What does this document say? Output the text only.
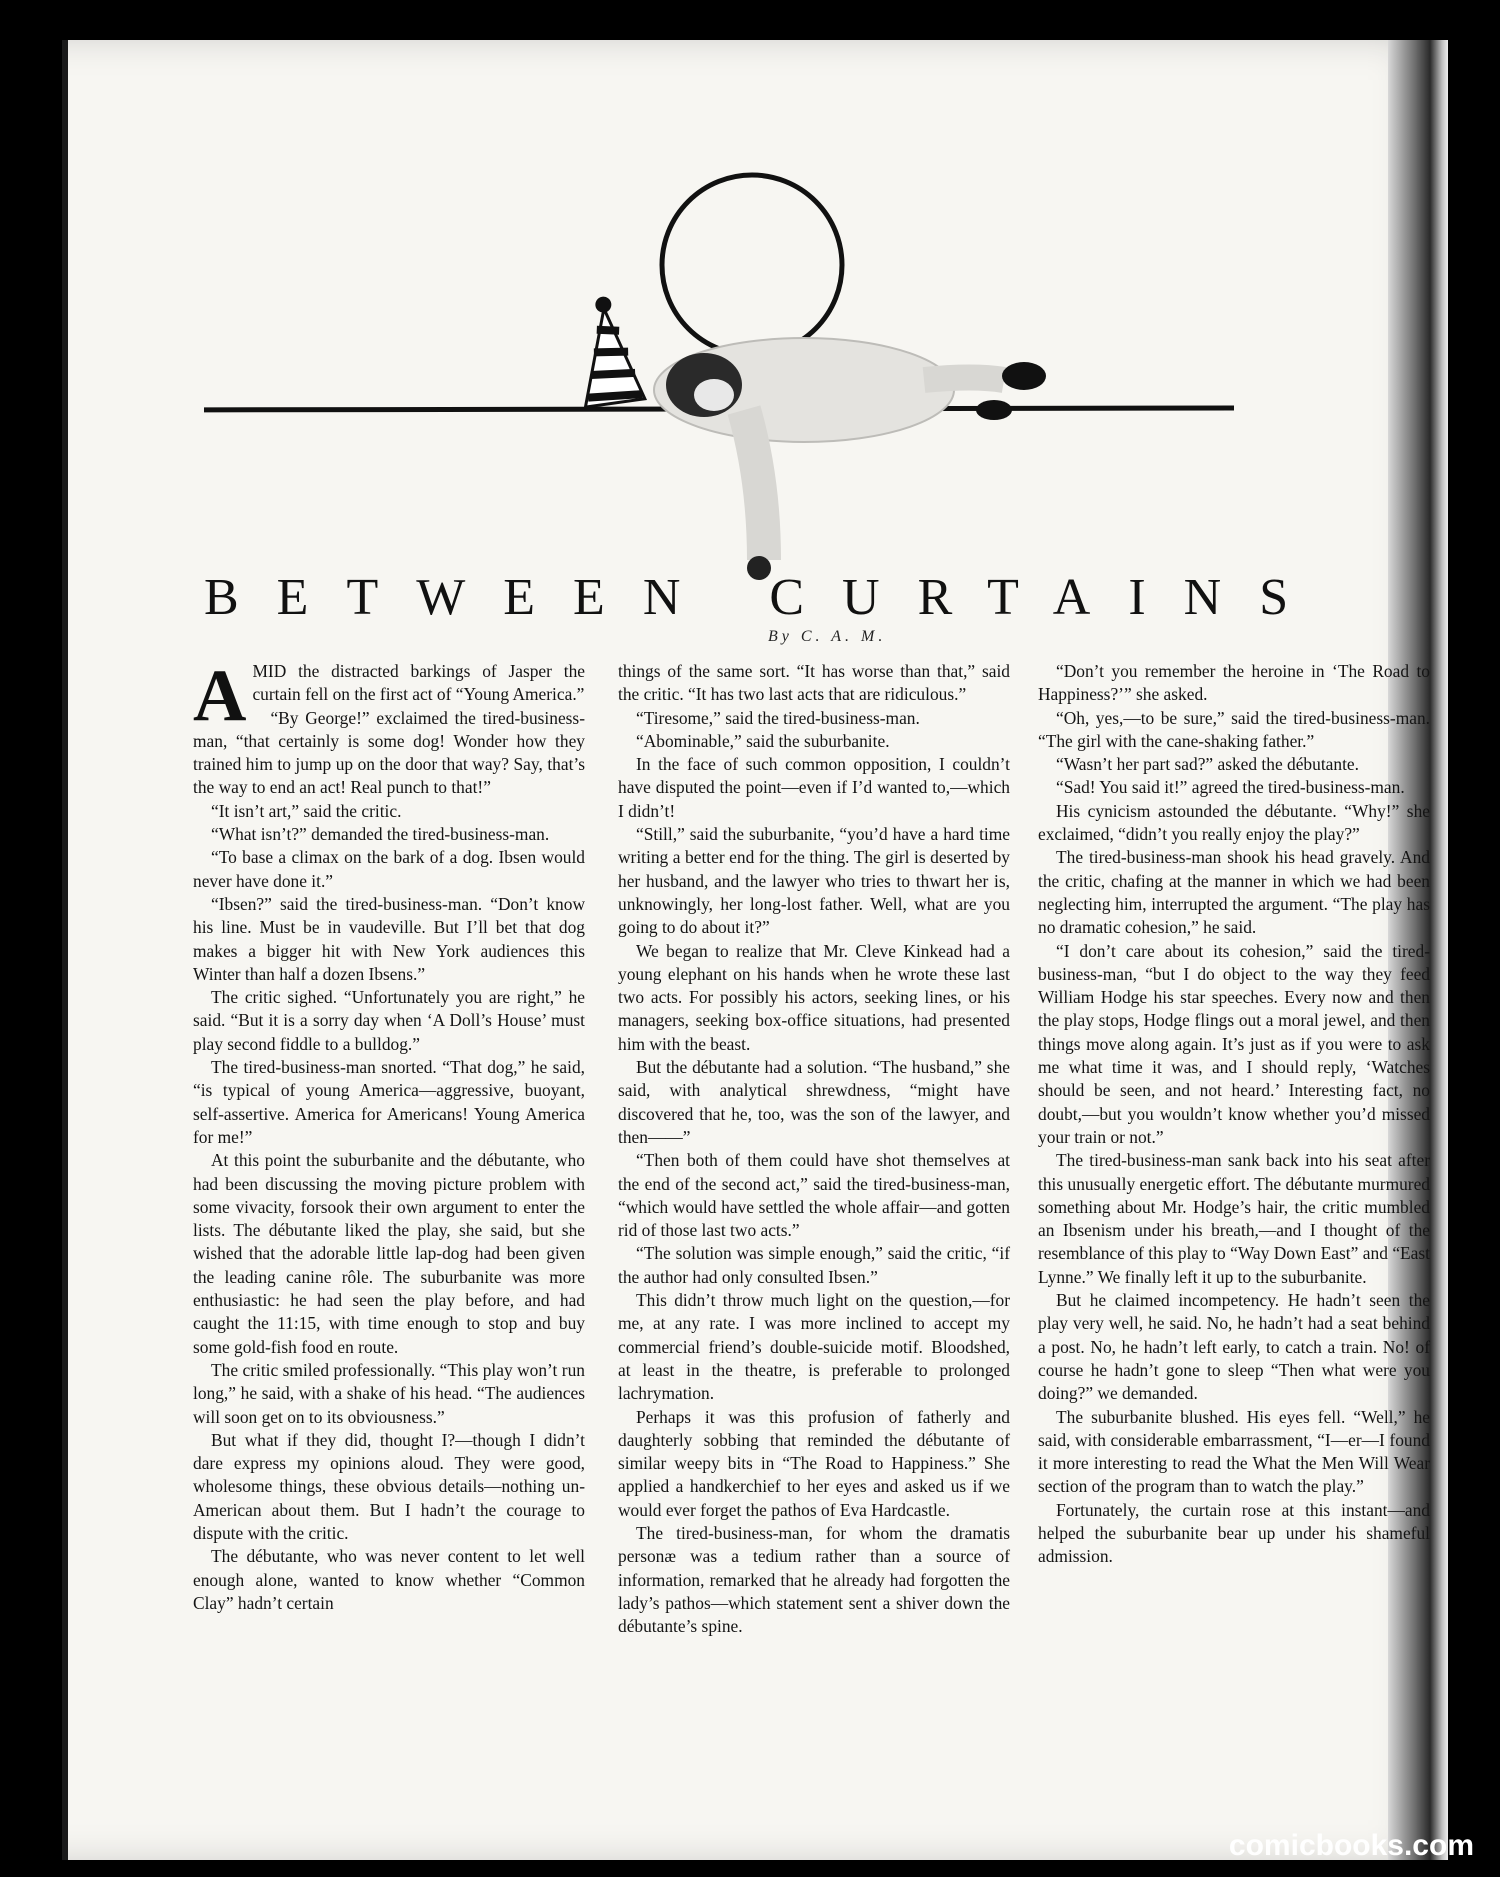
BETWEEN CURTAINS
By C. A. M.

AMID the distracted barkings of Jasper the curtain fell on the first act of “Young America.”

“By George!” exclaimed the tired-business-man, “that certainly is some dog! Wonder how they trained him to jump up on the door that way? Say, that’s the way to end an act! Real punch to that!”

“It isn’t art,” said the critic.

“What isn’t?” demanded the tired-business-man.

“To base a climax on the bark of a dog. Ibsen would never have done it.”

“Ibsen?” said the tired-business-man. “Don’t know his line. Must be in vaudeville. But I’ll bet that dog makes a bigger hit with New York audiences this Winter than half a dozen Ibsens.”

The critic sighed. “Unfortunately you are right,” he said. “But it is a sorry day when ‘A Doll’s House’ must play second fiddle to a bulldog.”

The tired-business-man snorted. “That dog,” he said, “is typical of young America—aggressive, buoyant, self-assertive. America for Americans! Young America for me!”

At this point the suburbanite and the débutante, who had been discussing the moving picture problem with some vivacity, forsook their own argument to enter the lists. The débutante liked the play, she said, but she wished that the adorable little lap-dog had been given the leading canine rôle. The suburbanite was more enthusiastic: he had seen the play before, and had caught the 11:15, with time enough to stop and buy some gold-fish food en route.

The critic smiled professionally. “This play won’t run long,” he said, with a shake of his head. “The audiences will soon get on to its obviousness.”

But what if they did, thought I?—though I didn’t dare express my opinions aloud. They were good, wholesome things, these obvious details—nothing un-American about them. But I hadn’t the courage to dispute with the critic.

The débutante, who was never content to let well enough alone, wanted to know whether “Common Clay” hadn’t certain

things of the same sort. “It has worse than that,” said the critic. “It has two last acts that are ridiculous.”

“Tiresome,” said the tired-business-man.

“Abominable,” said the suburbanite.

In the face of such common opposition, I couldn’t have disputed the point—even if I’d wanted to,—which I didn’t!

“Still,” said the suburbanite, “you’d have a hard time writing a better end for the thing. The girl is deserted by her husband, and the lawyer who tries to thwart her is, unknowingly, her long-lost father. Well, what are you going to do about it?”

We began to realize that Mr. Cleve Kinkead had a young elephant on his hands when he wrote these last two acts. For possibly his actors, seeking lines, or his managers, seeking box-office situations, had presented him with the beast.

But the débutante had a solution. “The husband,” she said, with analytical shrewdness, “might have discovered that he, too, was the son of the lawyer, and then——”

“Then both of them could have shot themselves at the end of the second act,” said the tired-business-man, “which would have settled the whole affair—and gotten rid of those last two acts.”

“The solution was simple enough,” said the critic, “if the author had only consulted Ibsen.”

This didn’t throw much light on the question,—for me, at any rate. I was more inclined to accept my commercial friend’s double-suicide motif. Bloodshed, at least in the theatre, is preferable to prolonged lachrymation.

Perhaps it was this profusion of fatherly and daughterly sobbing that reminded the débutante of similar weepy bits in “The Road to Happiness.” She applied a handkerchief to her eyes and asked us if we would ever forget the pathos of Eva Hardcastle.

The tired-business-man, for whom the dramatis personæ was a tedium rather than a source of information, remarked that he already had forgotten the lady’s pathos—which statement sent a shiver down the débutante’s spine.

“Don’t you remember the heroine in ‘The Road to Happiness?’” she asked.

“Oh, yes,—to be sure,” said the tired-business-man. “The girl with the cane-shaking father.”

“Wasn’t her part sad?” asked the débutante.

“Sad! You said it!” agreed the tired-business-man.

His cynicism astounded the débutante. “Why!” she exclaimed, “didn’t you really enjoy the play?”

The tired-business-man shook his head gravely. And the critic, chafing at the manner in which we had been neglecting him, interrupted the argument. “The play has no dramatic cohesion,” he said.

“I don’t care about its cohesion,” said the tired-business-man, “but I do object to the way they feed William Hodge his star speeches. Every now and then the play stops, Hodge flings out a moral jewel, and then things move along again. It’s just as if you were to ask me what time it was, and I should reply, ‘Watches should be seen, and not heard.’ Interesting fact, no doubt,—but you wouldn’t know whether you’d missed your train or not.”

The tired-business-man sank back into his seat after this unusually energetic effort. The débutante murmured something about Mr. Hodge’s hair, the critic mumbled an Ibsenism under his breath,—and I thought of the resemblance of this play to “Way Down East” and “East Lynne.” We finally left it up to the suburbanite.

But he claimed incompetency. He hadn’t seen the play very well, he said. No, he hadn’t had a seat behind a post. No, he hadn’t left early, to catch a train. No! of course he hadn’t gone to sleep “Then what were you doing?” we demanded.

The suburbanite blushed. His eyes fell. “Well,” he said, with considerable embarrassment, “I—er—I found it more interesting to read the What the Men Will Wear section of the program than to watch the play.”

Fortunately, the curtain rose at this instant—and helped the suburbanite bear up under his shameful admission.

comicbooks.com
